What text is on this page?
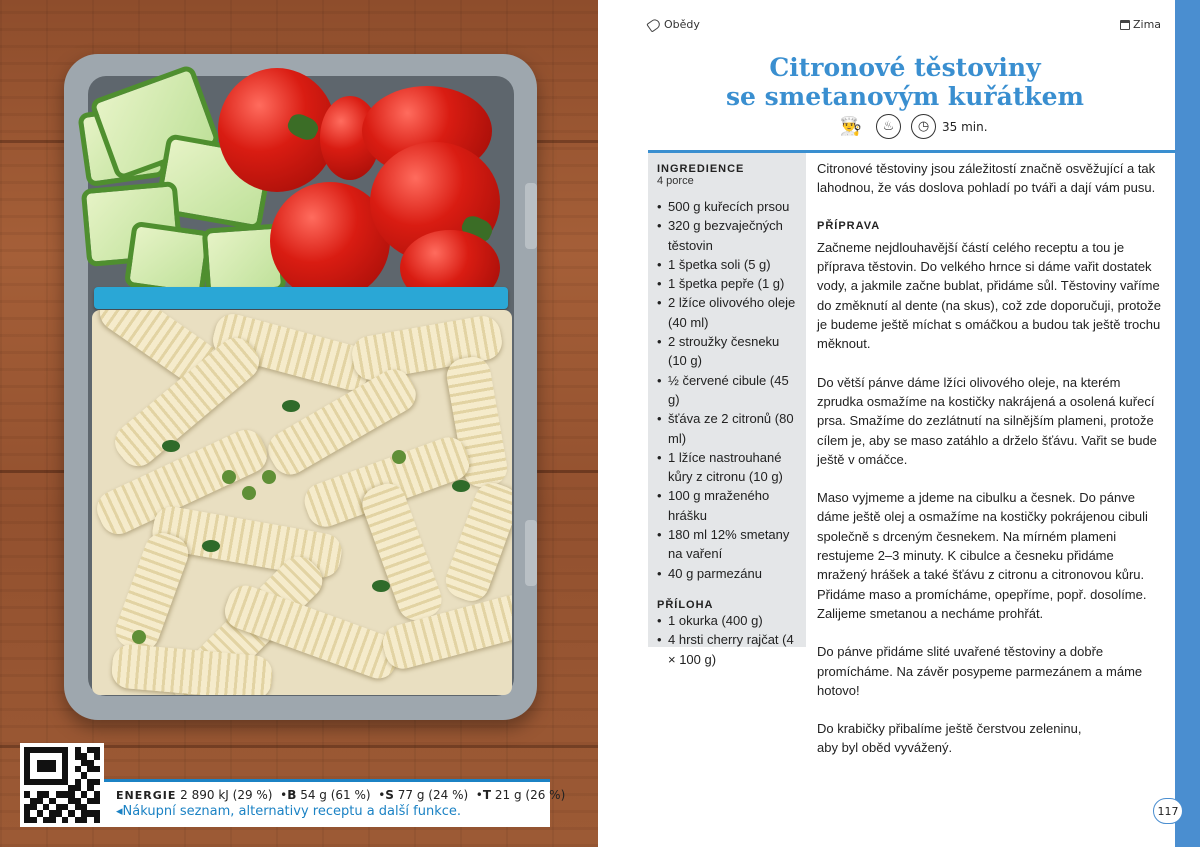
ENERGIE 2 890 kJ (29 %)  •B 54 g (61 %)  •S 77 g (24 %)  •T 21 g (26 %)
◂Nákupní seznam, alternativy receptu a další funkce.
Obědy	Zima
Citronové těstoviny
se smetanovým kuřátkem
👨‍🍳	♨	◷	35 min.
INGREDIENCE
4 porce
• 500 g kuřecích prsou
• 320 g bezvaječných těstovin
• 1 špetka soli (5 g)
• 1 špetka pepře (1 g)
• 2 lžíce olivového oleje (40 ml)
• 2 stroužky česneku (10 g)
• ½ červené cibule (45 g)
• šťáva ze 2 citronů (80 ml)
• 1 lžíce nastrouhané kůry z citronu (10 g)
• 100 g mraženého hrášku
• 180 ml 12% smetany na vaření
• 40 g parmezánu
PŘÍLOHA
• 1 okurka (400 g)
• 4 hrsti cherry rajčat (4 × 100 g)

Citronové těstoviny jsou záležitostí značně osvěžující a tak lahodnou, že vás doslova pohladí po tváři a dají vám pusu.

PŘÍPRAVA

Začneme nejdlouhavější částí celého receptu a tou je příprava těstovin. Do velkého hrnce si dáme vařit dostatek vody, a jakmile začne bublat, přidáme sůl. Těstoviny vaříme do změknutí al dente (na skus), což zde doporučuji, protože je budeme ještě míchat s omáčkou a budou tak ještě trochu měknout.

Do větší pánve dáme lžíci olivového oleje, na kterém zprudka osmažíme na kostičky nakrájená a osolená kuřecí prsa. Smažíme do zezlátnutí na silnějším plameni, protože cílem je, aby se maso zatáhlo a drželo šťávu. Vařit se bude ještě v omáčce.

Maso vyjmeme a jdeme na cibulku a česnek. Do pánve dáme ještě olej a osmažíme na kostičky pokrájenou cibuli společně s drceným česnekem. Na mírném plameni restujeme 2–3 minuty. K cibulce a česneku přidáme mražený hrášek a také šťávu z citronu a citronovou kůru. Přidáme maso a promícháme, opepříme, popř. dosolíme. Zalijeme smetanou a necháme prohřát.

Do pánve přidáme slité uvařené těstoviny a dobře promícháme. Na závěr posypeme parmezánem a máme hotovo!

Do krabičky přibalíme ještě čerstvou zeleninu,
aby byl oběd vyvážený.

117
